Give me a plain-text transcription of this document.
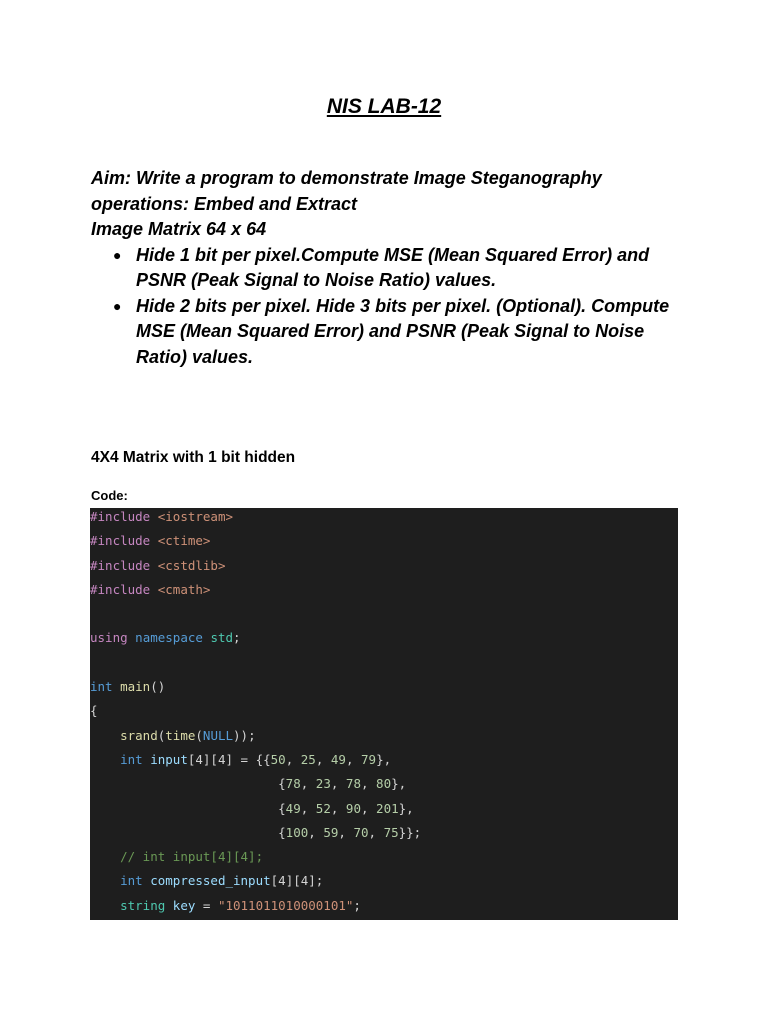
NIS LAB-12

Aim: Write a program to demonstrate Image Steganography

operations: Embed and Extract

Image Matrix 64 x 64

● Hide 1 bit per pixel.Compute MSE (Mean Squared Error) and PSNR (Peak Signal to Noise Ratio) values.
● Hide 2 bits per pixel. Hide 3 bits per pixel. (Optional). Compute MSE (Mean Squared Error) and PSNR (Peak Signal to Noise Ratio) values.
4X4 Matrix with 1 bit hidden
Code:
#include <iostream>
#include <ctime>
#include <cstdlib>
#include <cmath>

using namespace std;

int main()
{
srand(time(NULL));
int input[4][4] = {{50, 25, 49, 79},
{78, 23, 78, 80},
{49, 52, 90, 201},
{100, 59, 70, 75}};
// int input[4][4];
int compressed_input[4][4];
string key = "1011011010000101";
